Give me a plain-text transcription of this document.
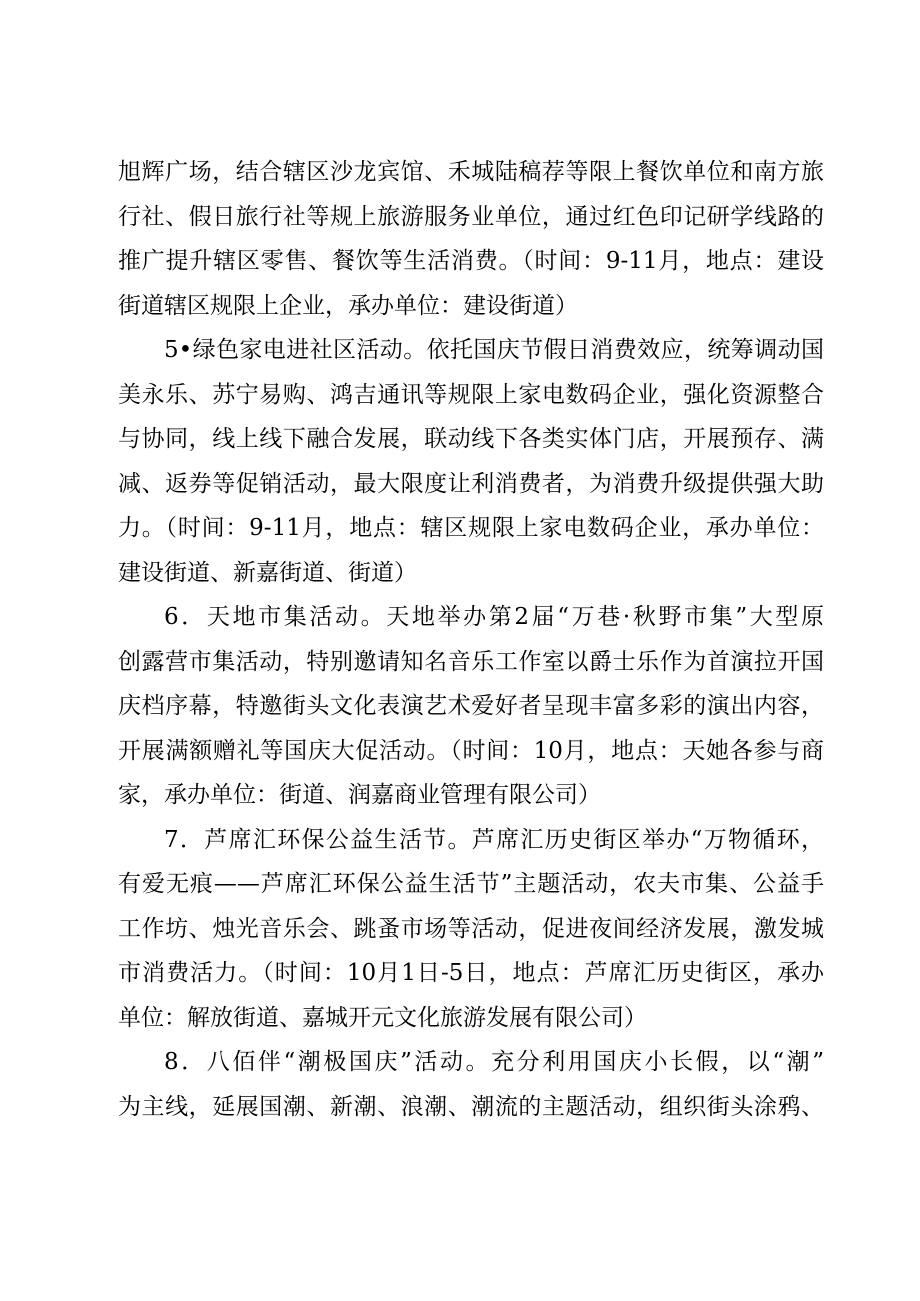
旭辉广场，结合辖区沙龙宾馆、禾城陆稿荐等限上餐饮单位和南方旅
行社、假日旅行社等规上旅游服务业单位，通过红色印记研学线路的
推广提升辖区零售、餐饮等生活消费。（时间：9-11月，地点：建设
街道辖区规限上企业，承办单位：建设街道）
5•绿色家电进社区活动。依托国庆节假日消费效应，统筹调动国
美永乐、苏宁易购、鸿吉通讯等规限上家电数码企业，强化资源整合
与协同，线上线下融合发展，联动线下各类实体门店，开展预存、满
减、返券等促销活动，最大限度让利消费者，为消费升级提供强大助
力。（时间：9-11月，地点：辖区规限上家电数码企业，承办单位：
建设街道、新嘉街道、街道）
6．天地市集活动。天地举办第2届“万巷·秋野市集”大型原
创露营市集活动，特别邀请知名音乐工作室以爵士乐作为首演拉开国
庆档序幕，特邀街头文化表演艺术爱好者呈现丰富多彩的演出内容，
开展满额赠礼等国庆大促活动。（时间：10月，地点：天她各参与商
家，承办单位：街道、润嘉商业管理有限公司）
7．芦席汇环保公益生活节。芦席汇历史街区举办“万物循环，
有爱无痕——芦席汇环保公益生活节”主题活动，农夫市集、公益手
工作坊、烛光音乐会、跳蚤市场等活动，促进夜间经济发展，激发城
市消费活力。（时间：10月1日-5日，地点：芦席汇历史街区，承办
单位：解放街道、嘉城开元文化旅游发展有限公司）
8．八佰伴“潮极国庆”活动。充分利用国庆小长假，以“潮”
为主线，延展国潮、新潮、浪潮、潮流的主题活动，组织街头涂鸦、
